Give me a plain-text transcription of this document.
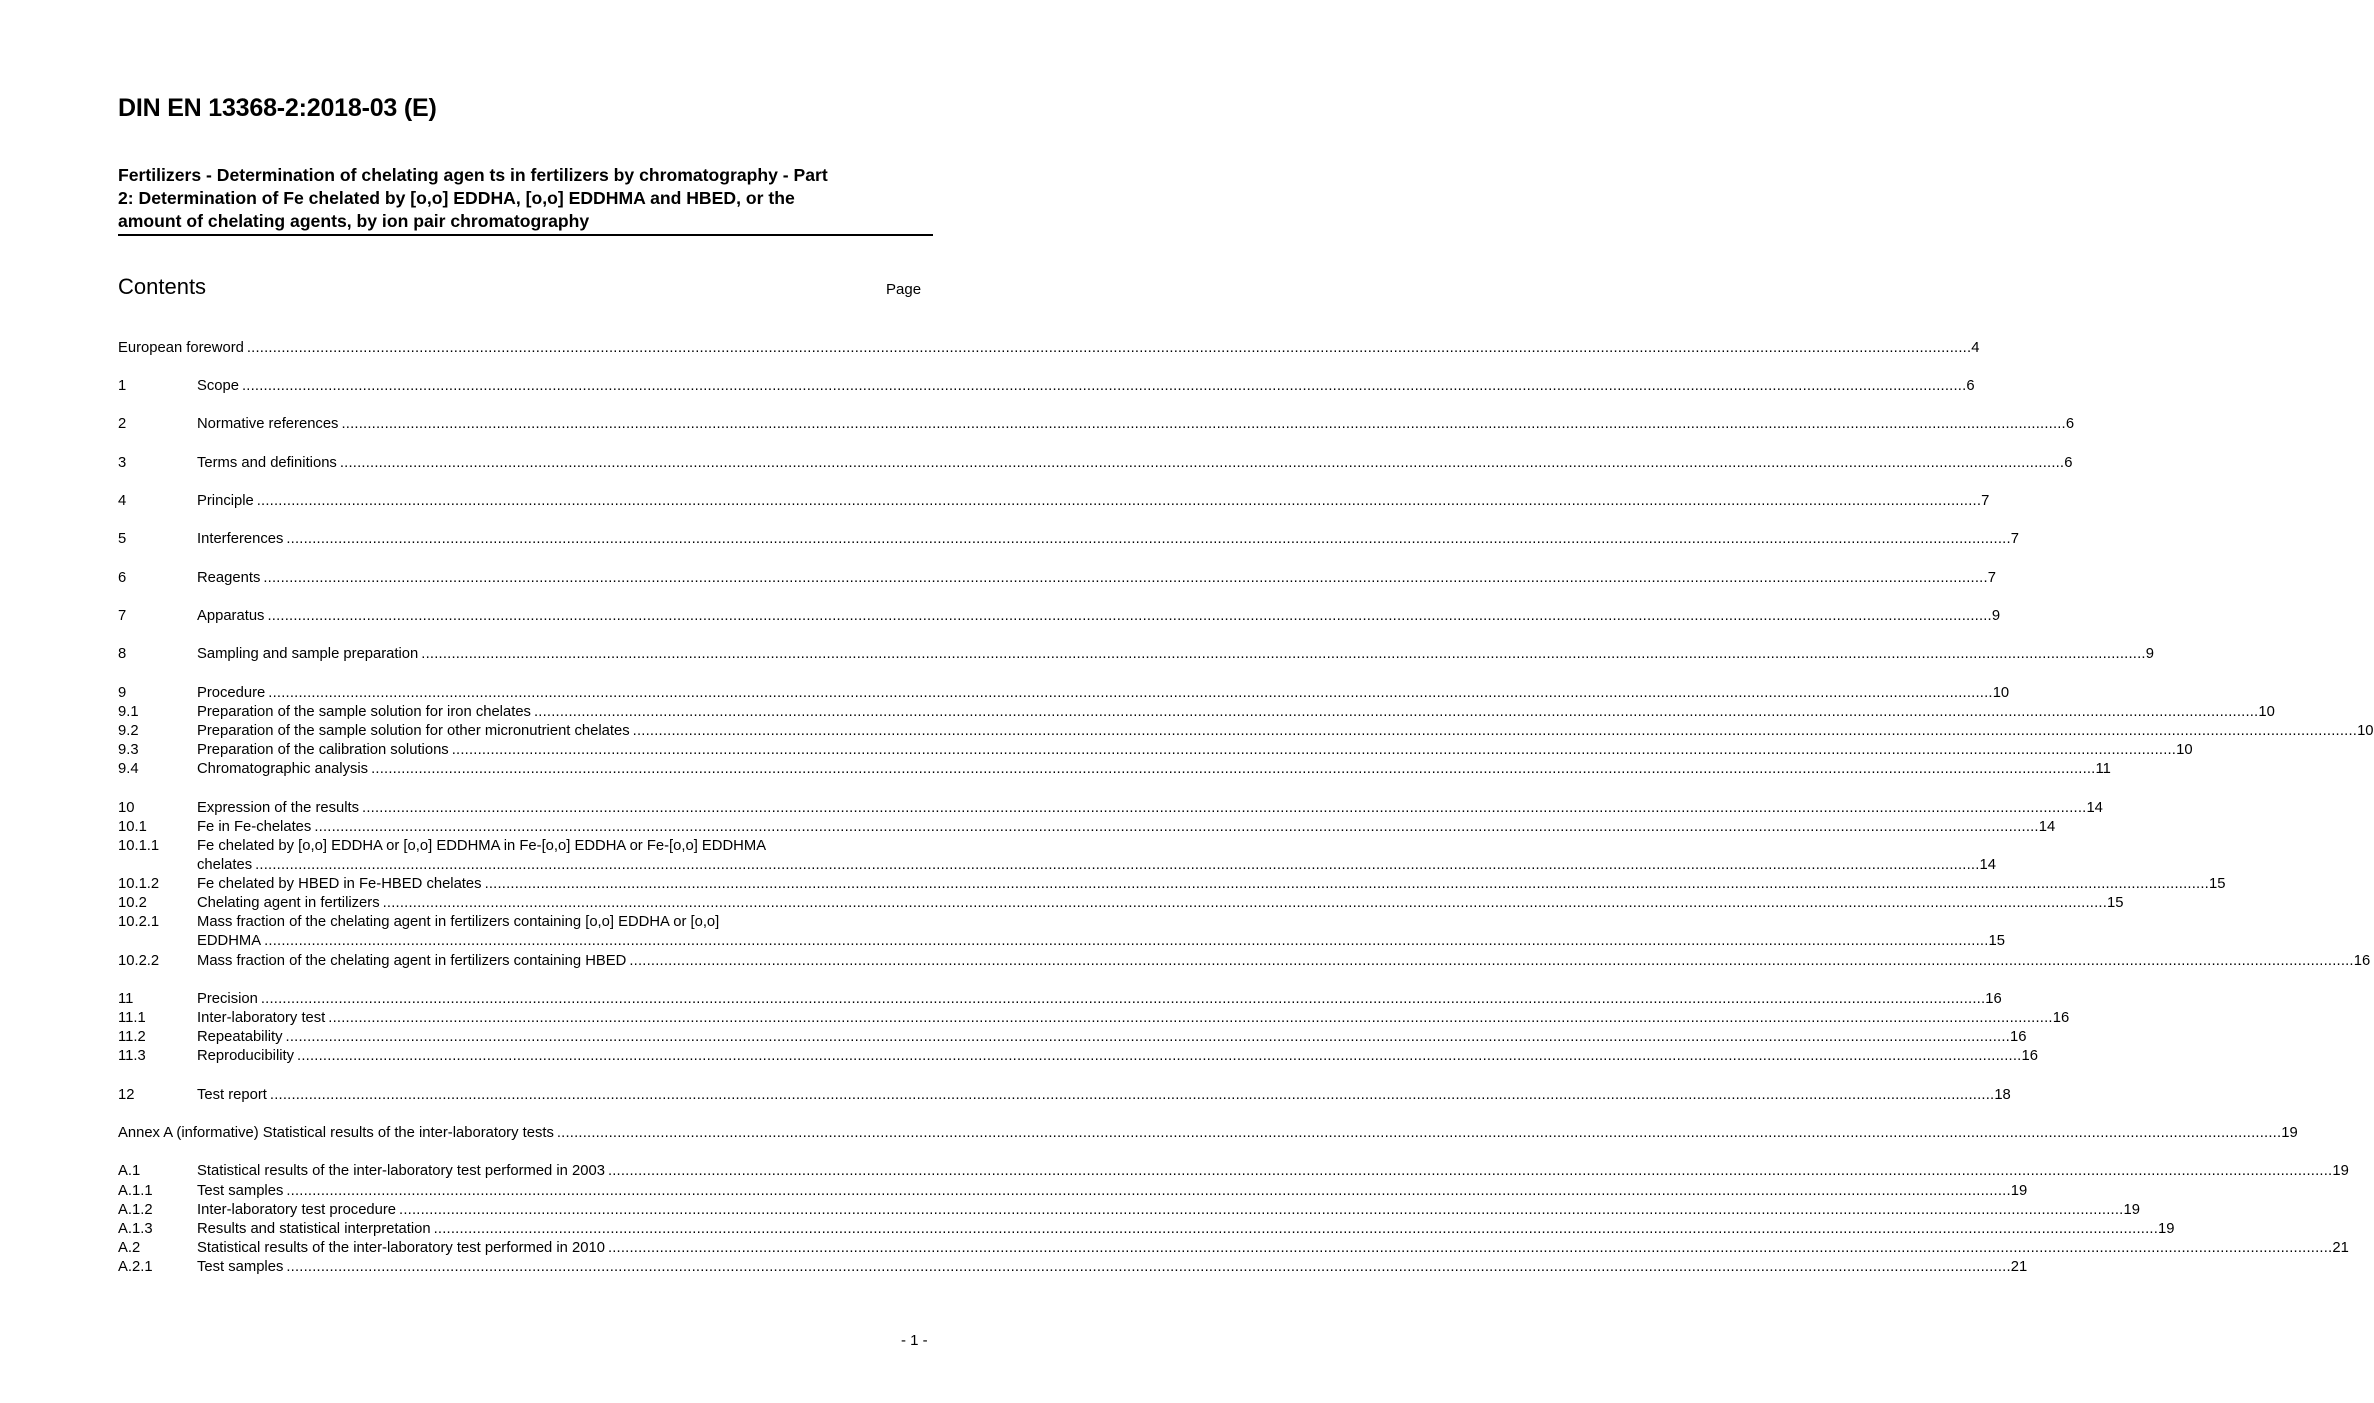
DIN EN 13368-2:2018-03 (E)
Fertilizers - Determination of chelating agen ts in fertilizers by chromatography - Part
2: Determination of Fe chelated by [o,o] EDDHA, [o,o] EDDHMA and HBED, or the
amount of chelating agents, by ion pair chromatography
Contents	Page
European foreword ................................................................................................................................................................................................................................................................................................................................................................................................................ 4
1	Scope ................................................................................................................................................................................................................................................................................................................................................................................................................ 6
2	Normative references ................................................................................................................................................................................................................................................................................................................................................................................................................ 6
3	Terms and definitions ................................................................................................................................................................................................................................................................................................................................................................................................................ 6
4	Principle ................................................................................................................................................................................................................................................................................................................................................................................................................ 7
5	Interferences ................................................................................................................................................................................................................................................................................................................................................................................................................ 7
6	Reagents ................................................................................................................................................................................................................................................................................................................................................................................................................ 7
7	Apparatus ................................................................................................................................................................................................................................................................................................................................................................................................................ 9
8	Sampling and sample preparation ................................................................................................................................................................................................................................................................................................................................................................................................................ 9
9	Procedure ................................................................................................................................................................................................................................................................................................................................................................................................................ 10
9.1	Preparation of the sample solution for iron chelates ................................................................................................................................................................................................................................................................................................................................................................................................................ 10
9.2	Preparation of the sample solution for other micronutrient chelates ................................................................................................................................................................................................................................................................................................................................................................................................................ 10
9.3	Preparation of the calibration solutions ................................................................................................................................................................................................................................................................................................................................................................................................................ 10
9.4	Chromatographic analysis ................................................................................................................................................................................................................................................................................................................................................................................................................ 11
10	Expression of the results ................................................................................................................................................................................................................................................................................................................................................................................................................ 14
10.1	Fe in Fe-chelates ................................................................................................................................................................................................................................................................................................................................................................................................................ 14
10.1.1	Fe chelated by [o,o] EDDHA or [o,o] EDDHMA in Fe-[o,o] EDDHA or Fe-[o,o] EDDHMA
chelates ................................................................................................................................................................................................................................................................................................................................................................................................................ 14
10.1.2	Fe chelated by HBED in Fe-HBED chelates ................................................................................................................................................................................................................................................................................................................................................................................................................ 15
10.2	Chelating agent in fertilizers ................................................................................................................................................................................................................................................................................................................................................................................................................ 15
10.2.1	Mass fraction of the chelating agent in fertilizers containing [o,o] EDDHA or [o,o]
EDDHMA ................................................................................................................................................................................................................................................................................................................................................................................................................ 15
10.2.2	Mass fraction of the chelating agent in fertilizers containing HBED ................................................................................................................................................................................................................................................................................................................................................................................................................ 16
11	Precision ................................................................................................................................................................................................................................................................................................................................................................................................................ 16
11.1	Inter-laboratory test ................................................................................................................................................................................................................................................................................................................................................................................................................ 16
11.2	Repeatability ................................................................................................................................................................................................................................................................................................................................................................................................................ 16
11.3	Reproducibility ................................................................................................................................................................................................................................................................................................................................................................................................................ 16
12	Test report ................................................................................................................................................................................................................................................................................................................................................................................................................ 18
Annex A (informative) Statistical results of the inter-laboratory tests ................................................................................................................................................................................................................................................................................................................................................................................................................ 19
A.1	Statistical results of the inter-laboratory test performed in 2003 ................................................................................................................................................................................................................................................................................................................................................................................................................ 19
A.1.1	Test samples ................................................................................................................................................................................................................................................................................................................................................................................................................ 19
A.1.2	Inter-laboratory test procedure ................................................................................................................................................................................................................................................................................................................................................................................................................ 19
A.1.3	Results and statistical interpretation ................................................................................................................................................................................................................................................................................................................................................................................................................ 19
A.2	Statistical results of the inter-laboratory test performed in 2010 ................................................................................................................................................................................................................................................................................................................................................................................................................ 21
A.2.1	Test samples ................................................................................................................................................................................................................................................................................................................................................................................................................ 21
- 1 -
